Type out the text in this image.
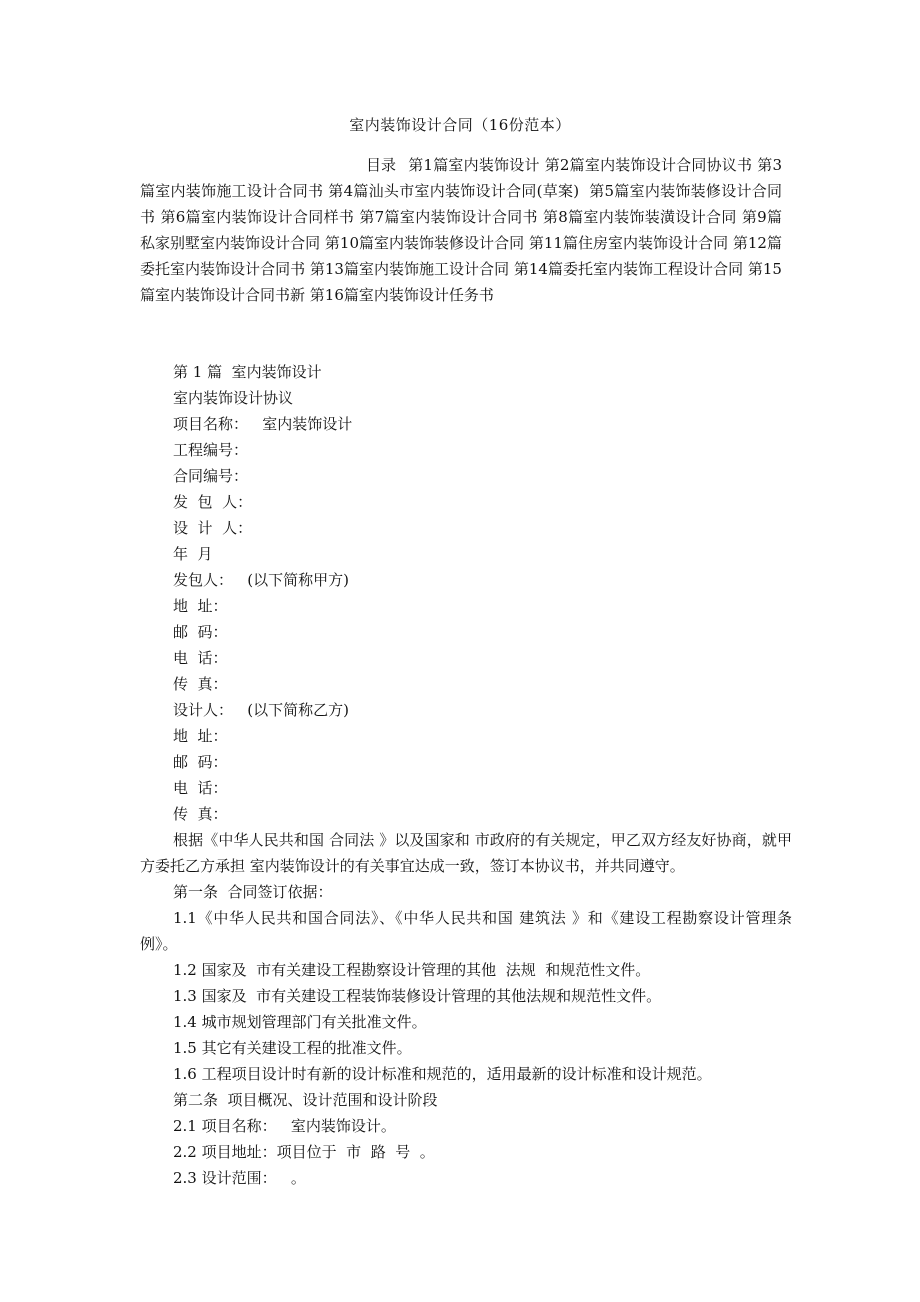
室内装饰设计合同（16份范本）
目录 第1篇室内装饰设计 第2篇室内装饰设计合同协议书 第3篇室内装饰施工设计合同书 第4篇汕头市室内装饰设计合同(草案) 第5篇室内装饰装修设计合同书 第6篇室内装饰设计合同样书 第7篇室内装饰设计合同书 第8篇室内装饰装潢设计合同 第9篇私家别墅室内装饰设计合同 第10篇室内装饰装修设计合同 第11篇住房室内装饰设计合同 第12篇委托室内装饰设计合同书 第13篇室内装饰施工设计合同 第14篇委托室内装饰工程设计合同 第15篇室内装饰设计合同书新 第16篇室内装饰设计任务书

第 1 篇  室内装饰设计

室内装饰设计协议

项目名称：   室内装饰设计

工程编号：

合同编号：

发  包  人：

设  计  人：

年  月

发包人：   (以下简称甲方)

地  址：

邮  码：

电  话：

传  真：

设计人：   (以下简称乙方)

地  址：

邮  码：

电  话：

传  真：

根据《中华人民共和国 合同法 》以及国家和 市政府的有关规定，甲乙双方经友好协商，就甲方委托乙方承担 室内装饰设计的有关事宜达成一致，签订本协议书，并共同遵守。

第一条  合同签订依据：

1.1《中华人民共和国合同法》、《中华人民共和国 建筑法 》和《建设工程勘察设计管理条例》。

1.2 国家及  市有关建设工程勘察设计管理的其他  法规  和规范性文件。

1.3 国家及  市有关建设工程装饰装修设计管理的其他法规和规范性文件。

1.4 城市规划管理部门有关批准文件。

1.5 其它有关建设工程的批准文件。

1.6 工程项目设计时有新的设计标准和规范的，适用最新的设计标准和设计规范。

第二条  项目概况、设计范围和设计阶段

2.1 项目名称：   室内装饰设计。

2.2 项目地址：项目位于  市  路  号  。

2.3 设计范围：   。
